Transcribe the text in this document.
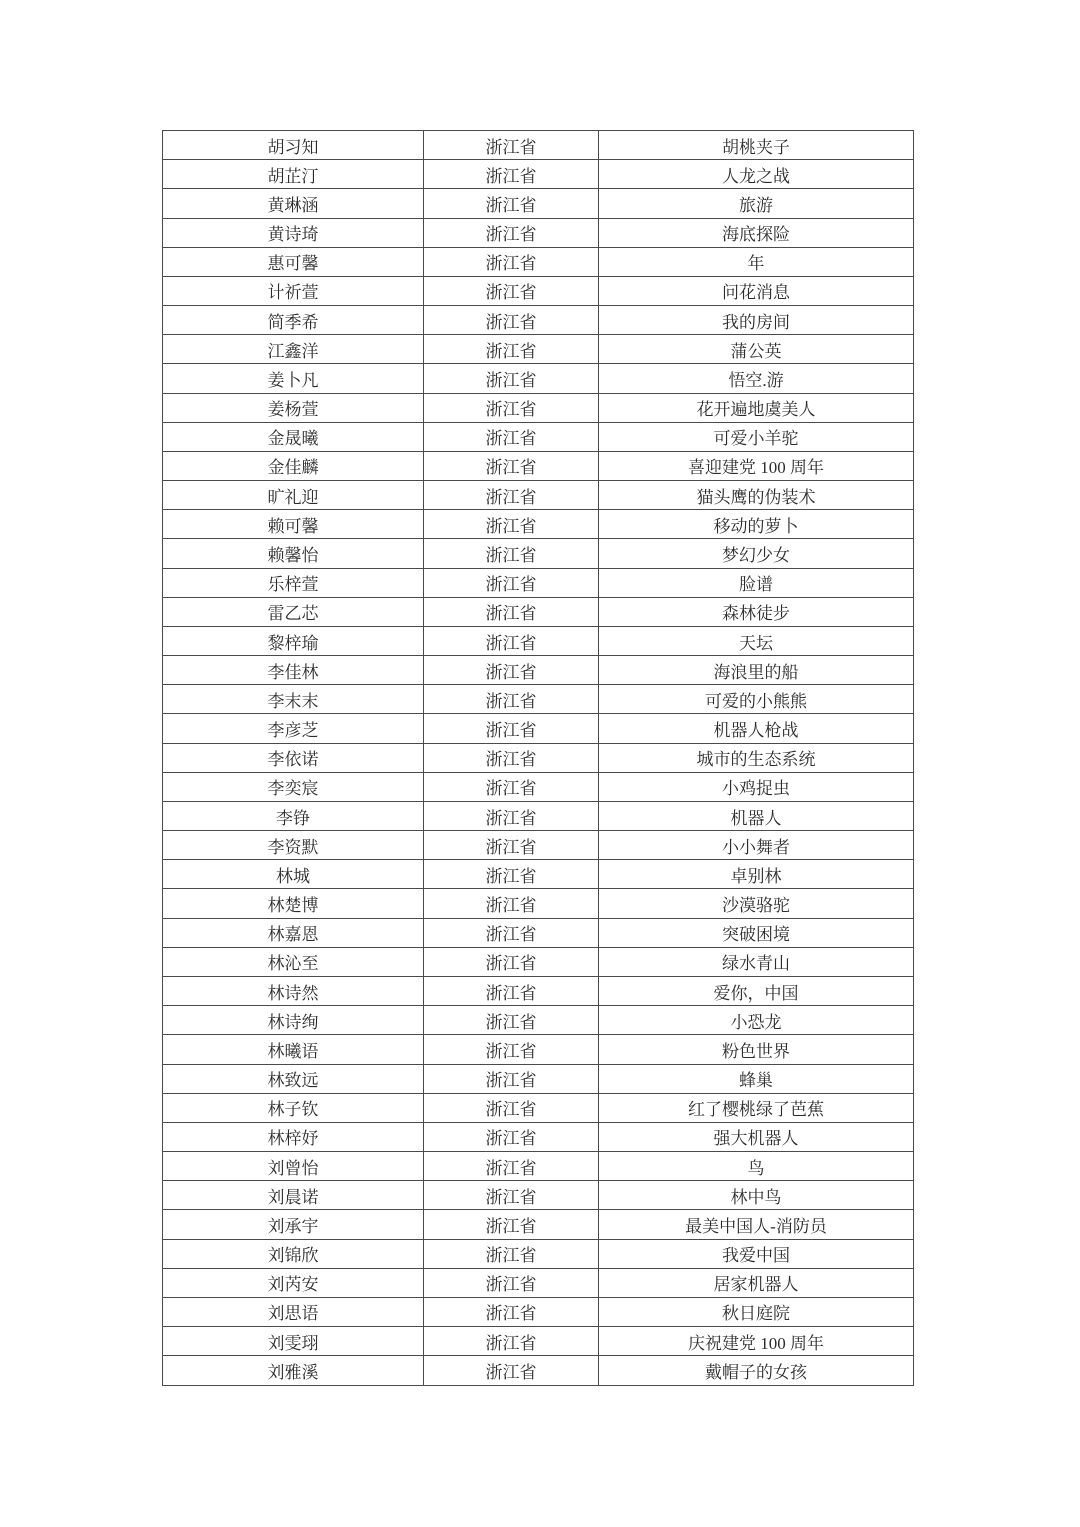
胡习知	浙江省	胡桃夹子
胡芷汀	浙江省	人龙之战
黄琳涵	浙江省	旅游
黄诗琦	浙江省	海底探险
惠可馨	浙江省	年
计祈萱	浙江省	问花消息
简季希	浙江省	我的房间
江鑫洋	浙江省	蒲公英
姜卜凡	浙江省	悟空.游
姜杨萱	浙江省	花开遍地虞美人
金晟曦	浙江省	可爱小羊驼
金佳麟	浙江省	喜迎建党 100 周年
旷礼迎	浙江省	猫头鹰的伪装术
赖可馨	浙江省	移动的萝卜
赖馨怡	浙江省	梦幻少女
乐梓萱	浙江省	脸谱
雷乙芯	浙江省	森林徒步
黎梓瑜	浙江省	天坛
李佳林	浙江省	海浪里的船
李末末	浙江省	可爱的小熊熊
李彦芝	浙江省	机器人枪战
李依诺	浙江省	城市的生态系统
李奕宸	浙江省	小鸡捉虫
李铮	浙江省	机器人
李资默	浙江省	小小舞者
林城	浙江省	卓别林
林楚博	浙江省	沙漠骆驼
林嘉恩	浙江省	突破困境
林沁至	浙江省	绿水青山
林诗然	浙江省	爱你，中国
林诗绚	浙江省	小恐龙
林曦语	浙江省	粉色世界
林致远	浙江省	蜂巢
林子钦	浙江省	红了樱桃绿了芭蕉
林梓妤	浙江省	强大机器人
刘曾怡	浙江省	鸟
刘晨诺	浙江省	林中鸟
刘承宇	浙江省	最美中国人-消防员
刘锦欣	浙江省	我爱中国
刘芮安	浙江省	居家机器人
刘思语	浙江省	秋日庭院
刘雯珝	浙江省	庆祝建党 100 周年
刘雅溪	浙江省	戴帽子的女孩
